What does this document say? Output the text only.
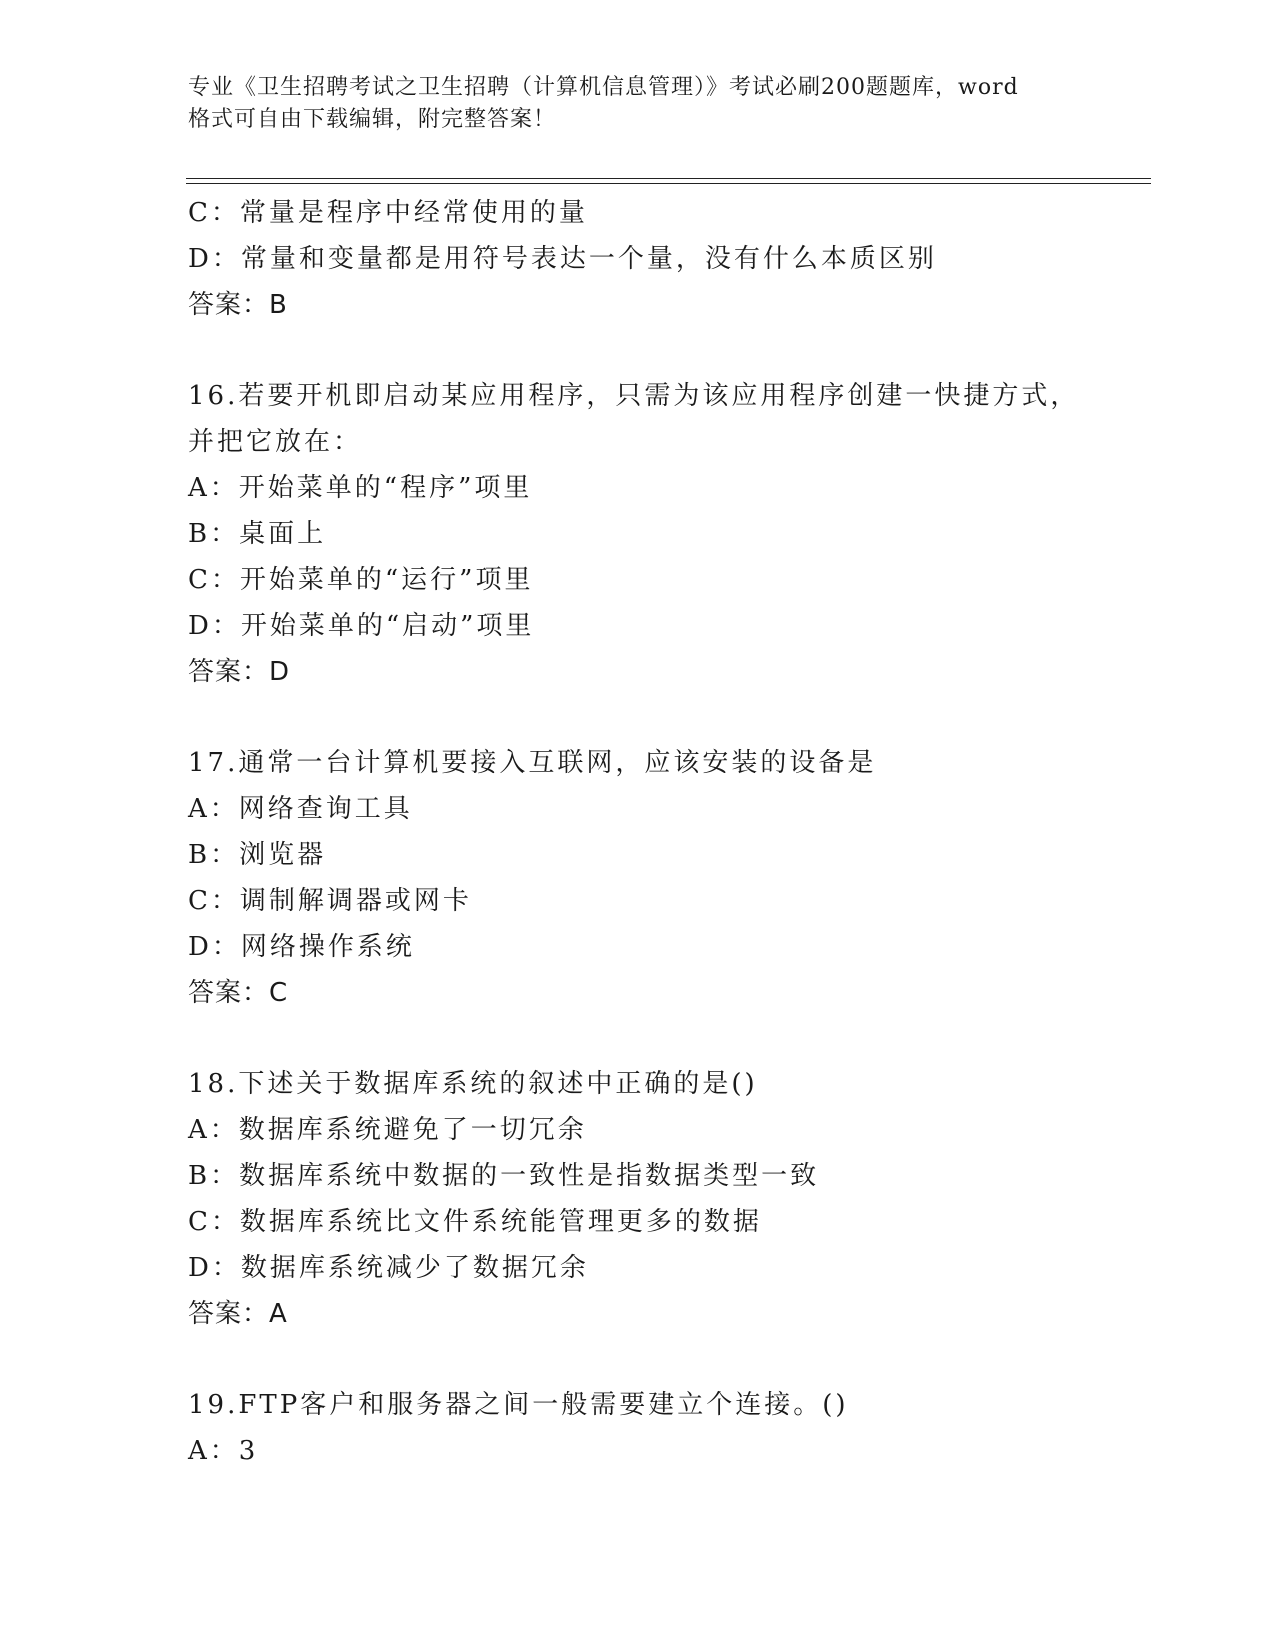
专业《卫生招聘考试之卫生招聘（计算机信息管理）》考试必刷200题题库，word
格式可自由下载编辑，附完整答案！
C：常量是程序中经常使用的量
D：常量和变量都是用符号表达一个量，没有什么本质区别
答案：B
16.若要开机即启动某应用程序，只需为该应用程序创建一快捷方式，
并把它放在：
A：开始菜单的“程序”项里
B：桌面上
C：开始菜单的“运行”项里
D：开始菜单的“启动”项里
答案：D
17.通常一台计算机要接入互联网，应该安装的设备是
A：网络查询工具
B：浏览器
C：调制解调器或网卡
D：网络操作系统
答案：C
18.下述关于数据库系统的叙述中正确的是()
A：数据库系统避免了一切冗余
B：数据库系统中数据的一致性是指数据类型一致
C：数据库系统比文件系统能管理更多的数据
D：数据库系统减少了数据冗余
答案：A
19.FTP客户和服务器之间一般需要建立个连接。()
A：3
